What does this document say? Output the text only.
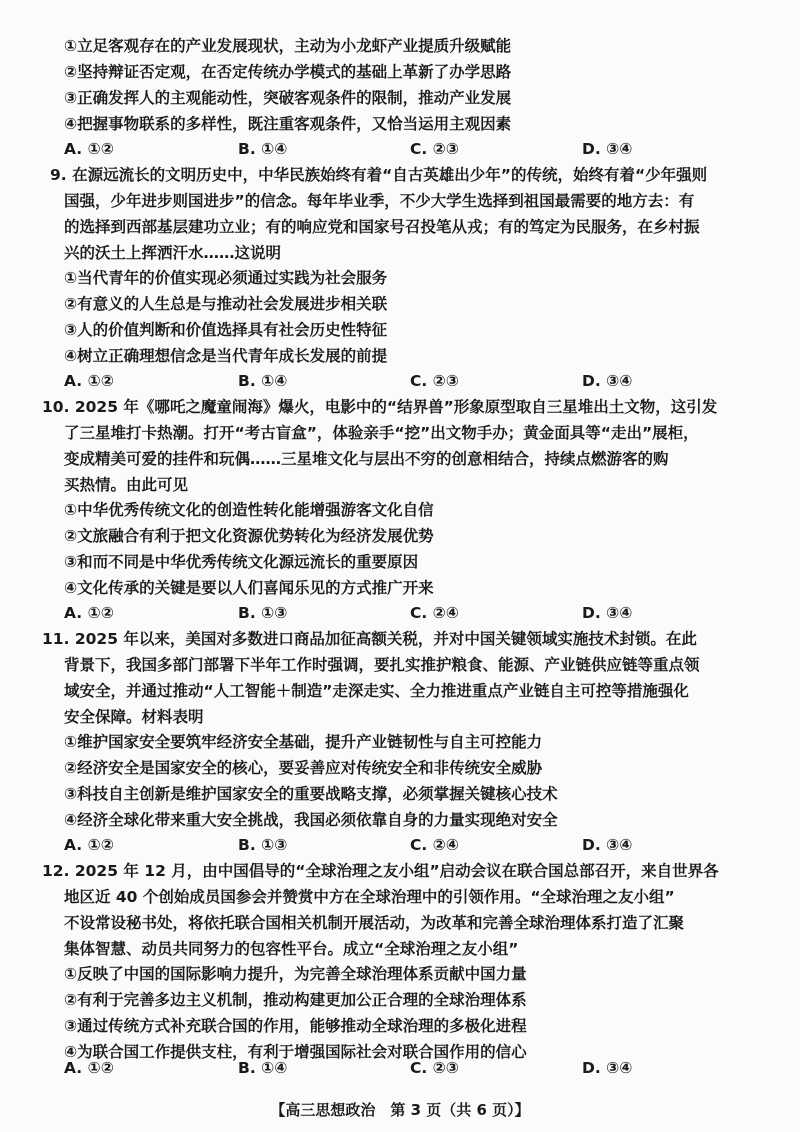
①立足客观存在的产业发展现状，主动为小龙虾产业提质升级赋能
②坚持辩证否定观，在否定传统办学模式的基础上革新了办学思路
③正确发挥人的主观能动性，突破客观条件的限制，推动产业发展
④把握事物联系的多样性，既注重客观条件，又恰当运用主观因素
A. ①②	B. ①④	C. ②③	D. ③④
9. 在源远流长的文明历史中，中华民族始终有着“自古英雄出少年”的传统，始终有着“少年强则
国强，少年进步则国进步”的信念。每年毕业季，不少大学生选择到祖国最需要的地方去：有
的选择到西部基层建功立业；有的响应党和国家号召投笔从戎；有的笃定为民服务，在乡村振
兴的沃土上挥洒汗水……这说明
①当代青年的价值实现必须通过实践为社会服务
②有意义的人生总是与推动社会发展进步相关联
③人的价值判断和价值选择具有社会历史性特征
④树立正确理想信念是当代青年成长发展的前提
A. ①②	B. ①④	C. ②③	D. ③④
10. 2025 年《哪吒之魔童闹海》爆火，电影中的“结界兽”形象原型取自三星堆出土文物，这引发
了三星堆打卡热潮。打开“考古盲盒”，体验亲手“挖”出文物手办；黄金面具等“走出”展柜，
变成精美可爱的挂件和玩偶……三星堆文化与层出不穷的创意相结合，持续点燃游客的购
买热情。由此可见
①中华优秀传统文化的创造性转化能增强游客文化自信
②文旅融合有利于把文化资源优势转化为经济发展优势
③和而不同是中华优秀传统文化源远流长的重要原因
④文化传承的关键是要以人们喜闻乐见的方式推广开来
A. ①②	B. ①③	C. ②④	D. ③④
11. 2025 年以来，美国对多数进口商品加征高额关税，并对中国关键领域实施技术封锁。在此
背景下，我国多部门部署下半年工作时强调，要扎实推护粮食、能源、产业链供应链等重点领
域安全，并通过推动“人工智能＋制造”走深走实、全力推进重点产业链自主可控等措施强化
安全保障。材料表明
①维护国家安全要筑牢经济安全基础，提升产业链韧性与自主可控能力
②经济安全是国家安全的核心，要妥善应对传统安全和非传统安全威胁
③科技自主创新是维护国家安全的重要战略支撑，必须掌握关键核心技术
④经济全球化带来重大安全挑战，我国必须依靠自身的力量实现绝对安全
A. ①②	B. ①③	C. ②④	D. ③④
12. 2025 年 12 月，由中国倡导的“全球治理之友小组”启动会议在联合国总部召开，来自世界各
地区近 40 个创始成员国参会并赞赏中方在全球治理中的引领作用。“全球治理之友小组”
不设常设秘书处，将依托联合国相关机制开展活动，为改革和完善全球治理体系打造了汇聚
集体智慧、动员共同努力的包容性平台。成立“全球治理之友小组”
①反映了中国的国际影响力提升，为完善全球治理体系贡献中国力量
②有利于完善多边主义机制，推动构建更加公正合理的全球治理体系
③通过传统方式补充联合国的作用，能够推动全球治理的多极化进程
④为联合国工作提供支柱，有利于增强国际社会对联合国作用的信心
A. ①②	B. ①④	C. ②③	D. ③④
【高三思想政治　第 3 页（共 6 页）】
